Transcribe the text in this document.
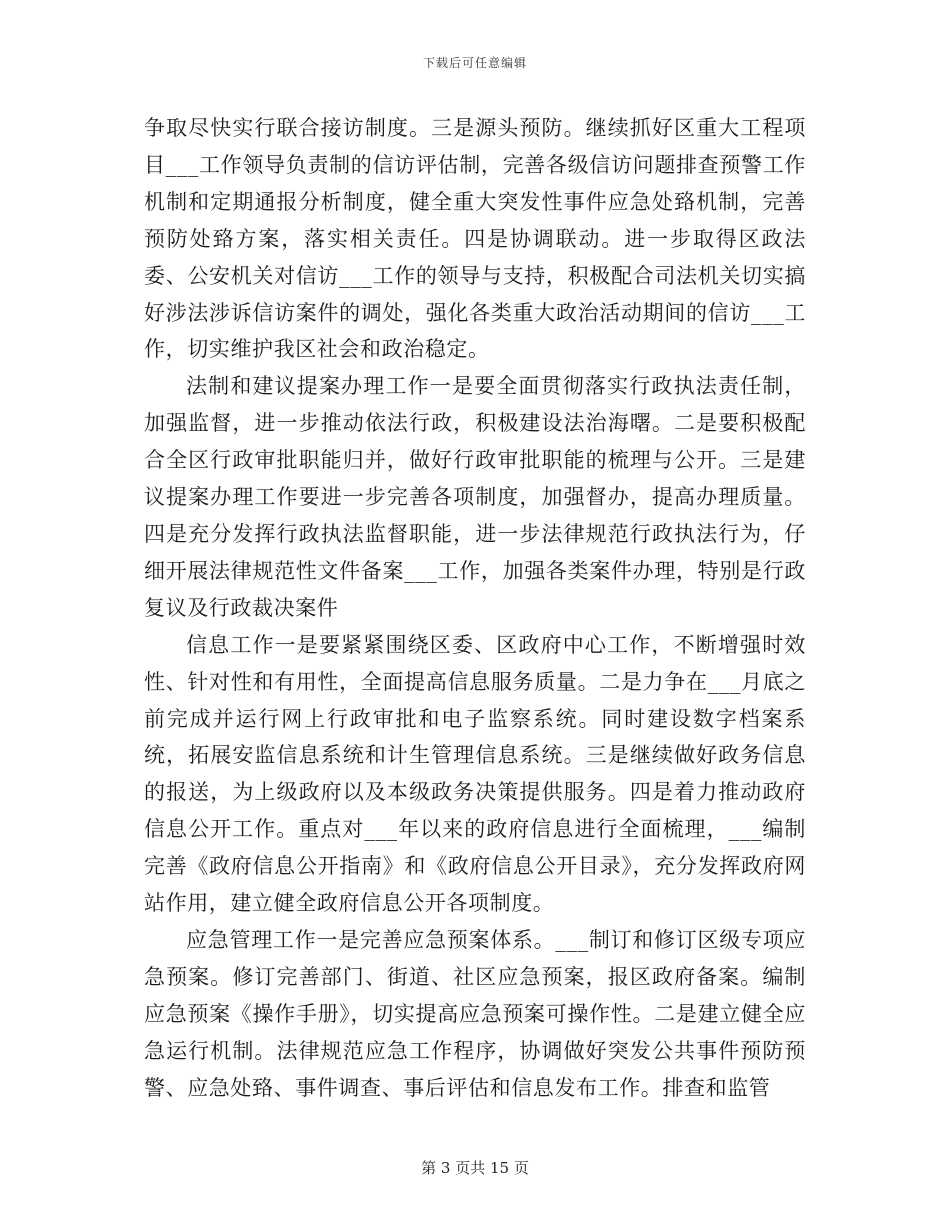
下载后可任意编辑

争取尽快实行联合接访制度。三是源头预防。继续抓好区重大工程项目___工作领导负责制的信访评估制，完善各级信访问题排查预警工作机制和定期通报分析制度，健全重大突发性事件应急处臵机制，完善预防处臵方案，落实相关责任。四是协调联动。进一步取得区政法委、公安机关对信访___工作的领导与支持，积极配合司法机关切实搞好涉法涉诉信访案件的调处，强化各类重大政治活动期间的信访___工作，切实维护我区社会和政治稳定。

法制和建议提案办理工作一是要全面贯彻落实行政执法责任制，加强监督，进一步推动依法行政，积极建设法治海曙。二是要积极配合全区行政审批职能归并，做好行政审批职能的梳理与公开。三是建议提案办理工作要进一步完善各项制度，加强督办，提高办理质量。四是充分发挥行政执法监督职能，进一步法律规范行政执法行为，仔细开展法律规范性文件备案___工作，加强各类案件办理，特别是行政复议及行政裁决案件

信息工作一是要紧紧围绕区委、区政府中心工作，不断增强时效性、针对性和有用性，全面提高信息服务质量。二是力争在___月底之前完成并运行网上行政审批和电子监察系统。同时建设数字档案系统，拓展安监信息系统和计生管理信息系统。三是继续做好政务信息的报送，为上级政府以及本级政务决策提供服务。四是着力推动政府信息公开工作。重点对___年以来的政府信息进行全面梳理，___编制完善《政府信息公开指南》和《政府信息公开目录》，充分发挥政府网站作用，建立健全政府信息公开各项制度。

应急管理工作一是完善应急预案体系。___制订和修订区级专项应急预案。修订完善部门、街道、社区应急预案，报区政府备案。编制应急预案《操作手册》，切实提高应急预案可操作性。二是建立健全应急运行机制。法律规范应急工作程序，协调做好突发公共事件预防预警、应急处臵、事件调查、事后评估和信息发布工作。排查和监管

第 3 页共 15 页
